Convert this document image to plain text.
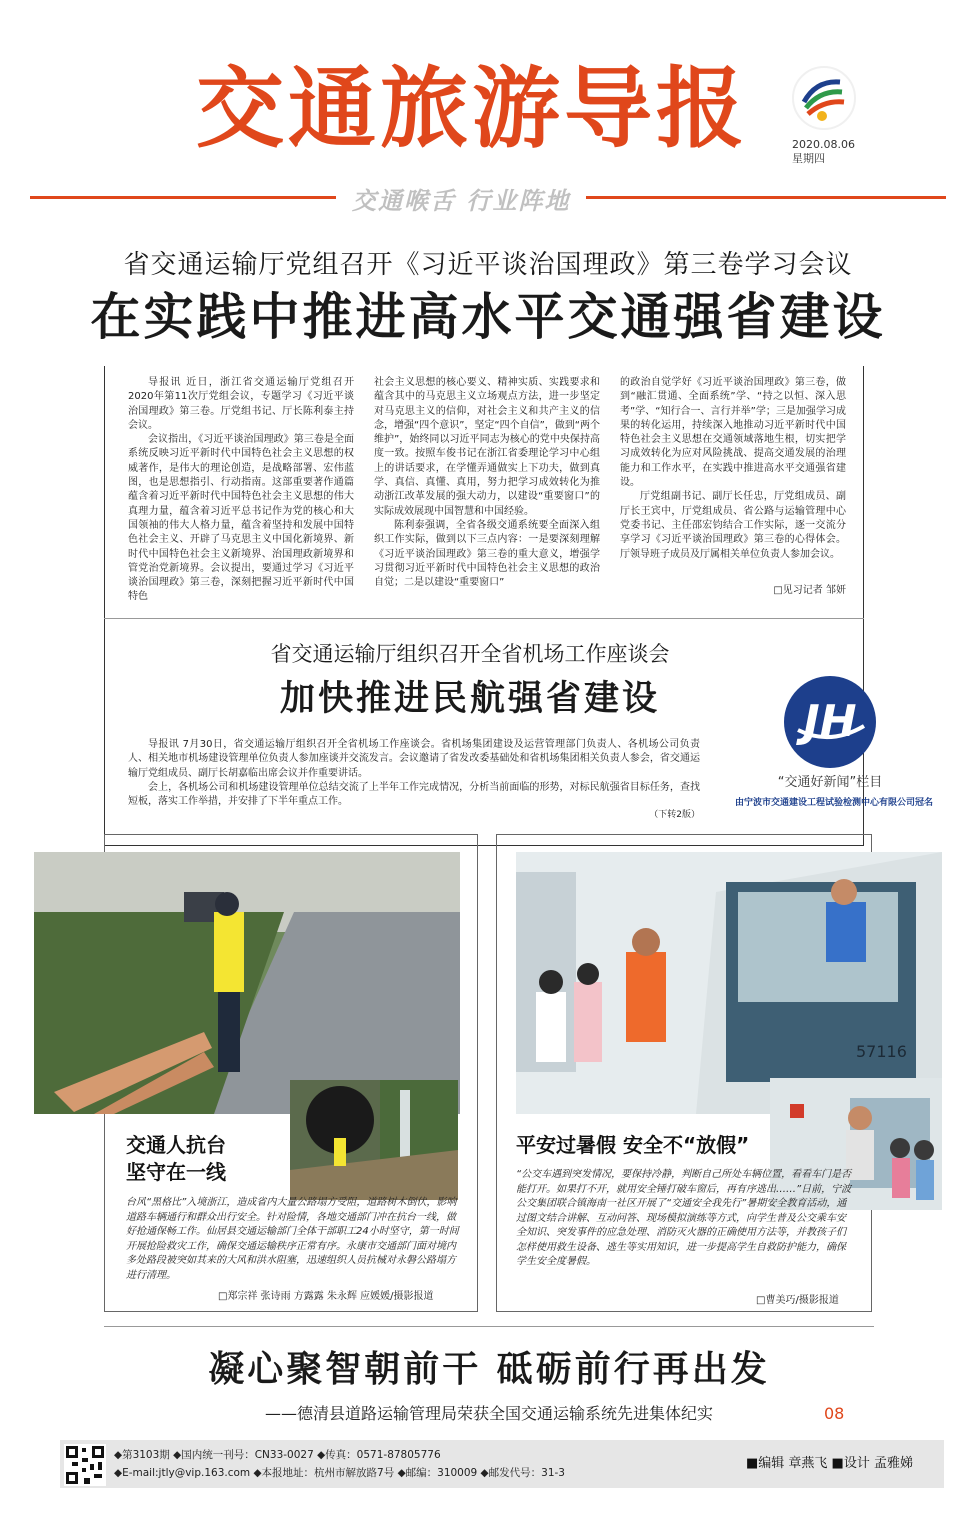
交通旅游导报	2020.08.06
星期四
交通喉舌 行业阵地
省交通运输厅党组召开《习近平谈治国理政》第三卷学习会议
在实践中推进高水平交通强省建设

导报讯 近日，浙江省交通运输厅党组召开2020年第11次厅党组会议，专题学习《习近平谈治国理政》第三卷。厅党组书记、厅长陈利泰主持会议。

会议指出，《习近平谈治国理政》第三卷是全面系统反映习近平新时代中国特色社会主义思想的权威著作，是伟大的理论创造，是战略部署、宏伟蓝图，也是思想指引、行动指南。这部重要著作通篇蕴含着习近平新时代中国特色社会主义思想的伟大真理力量，蕴含着习近平总书记作为党的核心和大国领袖的伟大人格力量，蕴含着坚持和发展中国特色社会主义、开辟了马克思主义中国化新境界、新时代中国特色社会主义新境界、治国理政新境界和管党治党新境界。会议提出，要通过学习《习近平谈治国理政》第三卷，深刻把握习近平新时代中国特色

社会主义思想的核心要义、精神实质、实践要求和蕴含其中的马克思主义立场观点方法，进一步坚定对马克思主义的信仰，对社会主义和共产主义的信念，增强“四个意识”，坚定“四个自信”，做到“两个维护”，始终同以习近平同志为核心的党中央保持高度一致。按照车俊书记在浙江省委理论学习中心组上的讲话要求，在学懂弄通做实上下功夫，做到真学、真信、真懂、真用，努力把学习成效转化为推动浙江改革发展的强大动力，以建设“重要窗口”的实际成效展现中国智慧和中国经验。

陈利泰强调，全省各级交通系统要全面深入组织工作实际，做到以下三点内容：一是要深刻理解《习近平谈治国理政》第三卷的重大意义，增强学习贯彻习近平新时代中国特色社会主义思想的政治自觉；二是以建设“重要窗口”

的政治自觉学好《习近平谈治国理政》第三卷，做到“融汇贯通、全面系统”学、“持之以恒、深入思考”学、“知行合一、言行并举”学；三是加强学习成果的转化运用，持续深入地推动习近平新时代中国特色社会主义思想在交通领域落地生根，切实把学习成效转化为应对风险挑战、提高交通发展的治理能力和工作水平，在实践中推进高水平交通强省建设。

厅党组副书记、副厅长任忠，厅党组成员、副厅长王宾中，厅党组成员、省公路与运输管理中心党委书记、主任邵宏钧结合工作实际，逐一交流分享学习《习近平谈治国理政》第三卷的心得体会。厅领导班子成员及厅属相关单位负责人参加会议。

□见习记者 邹妍
省交通运输厅组织召开全省机场工作座谈会
加快推进民航强省建设

导报讯 7月30日，省交通运输厅组织召开全省机场工作座谈会。省机场集团建设及运营管理部门负责人、各机场公司负责人、相关地市机场建设管理单位负责人参加座谈并交流发言。会议邀请了省发改委基础处和省机场集团相关负责人参会，省交通运输厅党组成员、副厅长胡嘉临出席会议并作重要讲话。

会上，各机场公司和机场建设管理单位总结交流了上半年工作完成情况，分析当前面临的形势，对标民航强省目标任务，查找短板，落实工作举措，并安排了下半年重点工作。

（下转2版）
JH
“交通好新闻”栏目
由宁波市交通建设工程试验检测中心有限公司冠名
交通人抗台
坚守在一线
台风“黑格比”入境浙江，造成省内大量公路塌方受阻，道路树木倒伏，影响道路车辆通行和群众出行安全。针对险情，各地交通部门冲在抗台一线，做好抢通保畅工作。仙居县交通运输部门全体干部职工24小时坚守，第一时间开展抢险救灾工作，确保交通运输秩序正常有序。永康市交通部门面对境内多处路段被突如其来的大风和洪水阻塞，迅速组织人员抗械对永磐公路塌方进行清理。
□郑宗祥 张诗雨 方露露 朱永辉 应媛媛/摄影报道
57116
平安过暑假 安全不“放假”
“公交车遇到突发情况，要保持冷静，判断自己所处车辆位置，看看车门是否能打开。如果打不开，就用安全锤打破车窗后，再有序逃出……”日前，宁波公交集团联合镇海南一社区开展了“交通安全我先行”暑期安全教育活动，通过图文结合讲解、互动问答、现场模拟演练等方式，向学生普及公交乘车安全知识、突发事件的应急处理、消防灭火器的正确使用方法等，并教孩子们怎样使用救生设备、逃生等实用知识，进一步提高学生自救防护能力，确保学生安全度暑假。
□曹美巧/摄影报道
凝心聚智朝前干 砥砺前行再出发
——德清县道路运输管理局荣获全国交通运输系统先进集体纪实	08
◆第3103期 ◆国内统一刊号：CN33-0027 ◆传真：0571-87805776
◆E-mail:jtly@vip.163.com ◆本报地址：杭州市解放路7号 ◆邮编：310009 ◆邮发代号：31-3
■编辑 章燕飞 ■设计 孟雅娣
